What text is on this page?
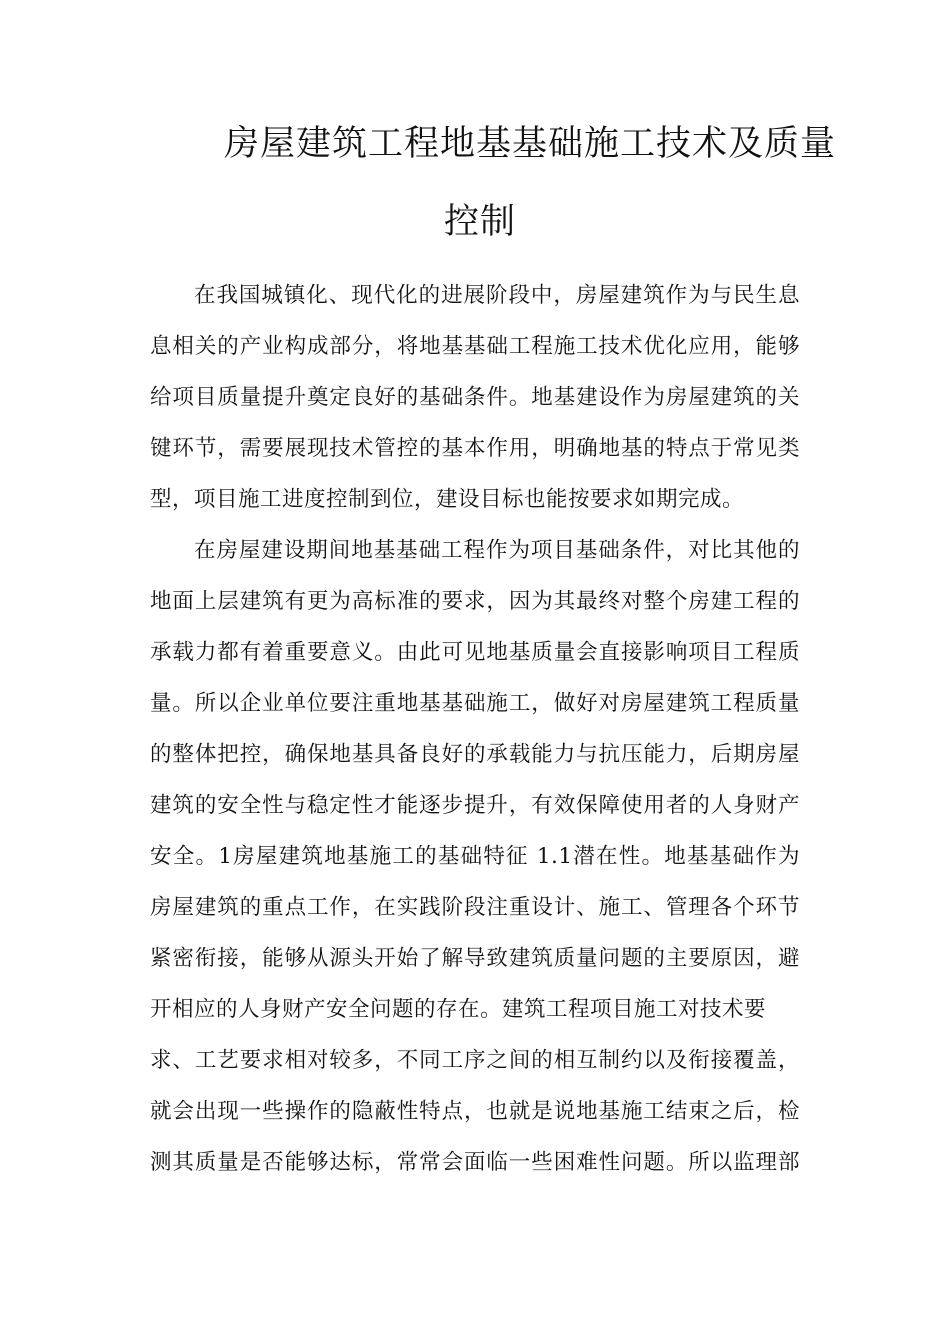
房屋建筑工程地基基础施工技术及质量
控制
在我国城镇化、现代化的进展阶段中，房屋建筑作为与民生息
息相关的产业构成部分，将地基基础工程施工技术优化应用，能够
给项目质量提升奠定良好的基础条件。地基建设作为房屋建筑的关
键环节，需要展现技术管控的基本作用，明确地基的特点于常见类
型，项目施工进度控制到位，建设目标也能按要求如期完成。
在房屋建设期间地基基础工程作为项目基础条件，对比其他的
地面上层建筑有更为高标准的要求，因为其最终对整个房建工程的
承载力都有着重要意义。由此可见地基质量会直接影响项目工程质
量。所以企业单位要注重地基基础施工，做好对房屋建筑工程质量
的整体把控，确保地基具备良好的承载能力与抗压能力，后期房屋
建筑的安全性与稳定性才能逐步提升，有效保障使用者的人身财产
安全。1房屋建筑地基施工的基础特征 1.1潜在性。地基基础作为
房屋建筑的重点工作，在实践阶段注重设计、施工、管理各个环节
紧密衔接，能够从源头开始了解导致建筑质量问题的主要原因，避
开相应的人身财产安全问题的存在。建筑工程项目施工对技术要
求、工艺要求相对较多，不同工序之间的相互制约以及衔接覆盖，
就会出现一些操作的隐蔽性特点，也就是说地基施工结束之后，检
测其质量是否能够达标，常常会面临一些困难性问题。所以监理部
